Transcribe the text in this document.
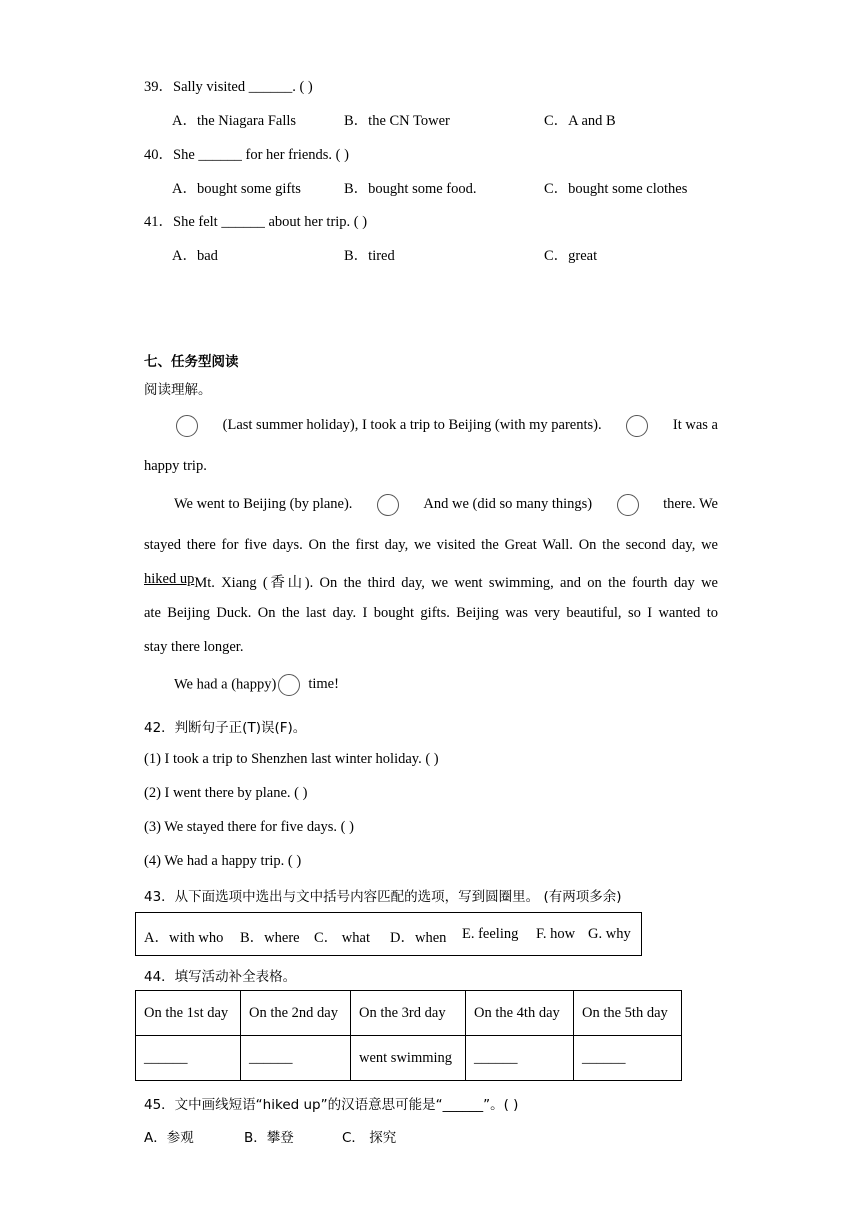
39．Sally visited ______. ( )
A．the Niagara Falls	B．the CN Tower	C．A and B
40．She ______ for her friends. ( )
A．bought some gifts	B．bought some food.	C．bought some clothes
41．She felt ______ about her trip. ( )
A．bad	B．tired	C．great
七、任务型阅读
阅读理解。
(Last summer holiday), I took a trip to Beijing (with my parents).	It was a
happy trip.
We went to Beijing (by plane).	And we (did so many things)	there. We
stayed there for five days. On the first day, we visited the Great Wall. On the second day, we
hiked up Mt. Xiang (香山). On the third day, we went swimming, and on the fourth day we
ate Beijing Duck. On the last day. I bought gifts. Beijing was very beautiful, so I wanted to
stay there longer.
We had a (happy) time!
42．判断句子正(T)误(F)。
(1) I took a trip to Shenzhen last winter holiday. ( )
(2) I went there by plane. ( )
(3) We stayed there for five days. ( )
(4) We had a happy trip. ( )
43．从下面选项中选出与文中括号内容匹配的选项，写到圆圈里。 (有两项多余)
A．with who B．where C． what D．when E. feeling F. how G. why
44．填写活动补全表格。
On the 1st day	On the 2nd day	On the 3rd day	On the 4th day	On the 5th day
______	______	went swimming	______	______
45．文中画线短语“hiked up”的汉语意思可能是“______”。( )
A．参观	B．攀登	C． 探究
